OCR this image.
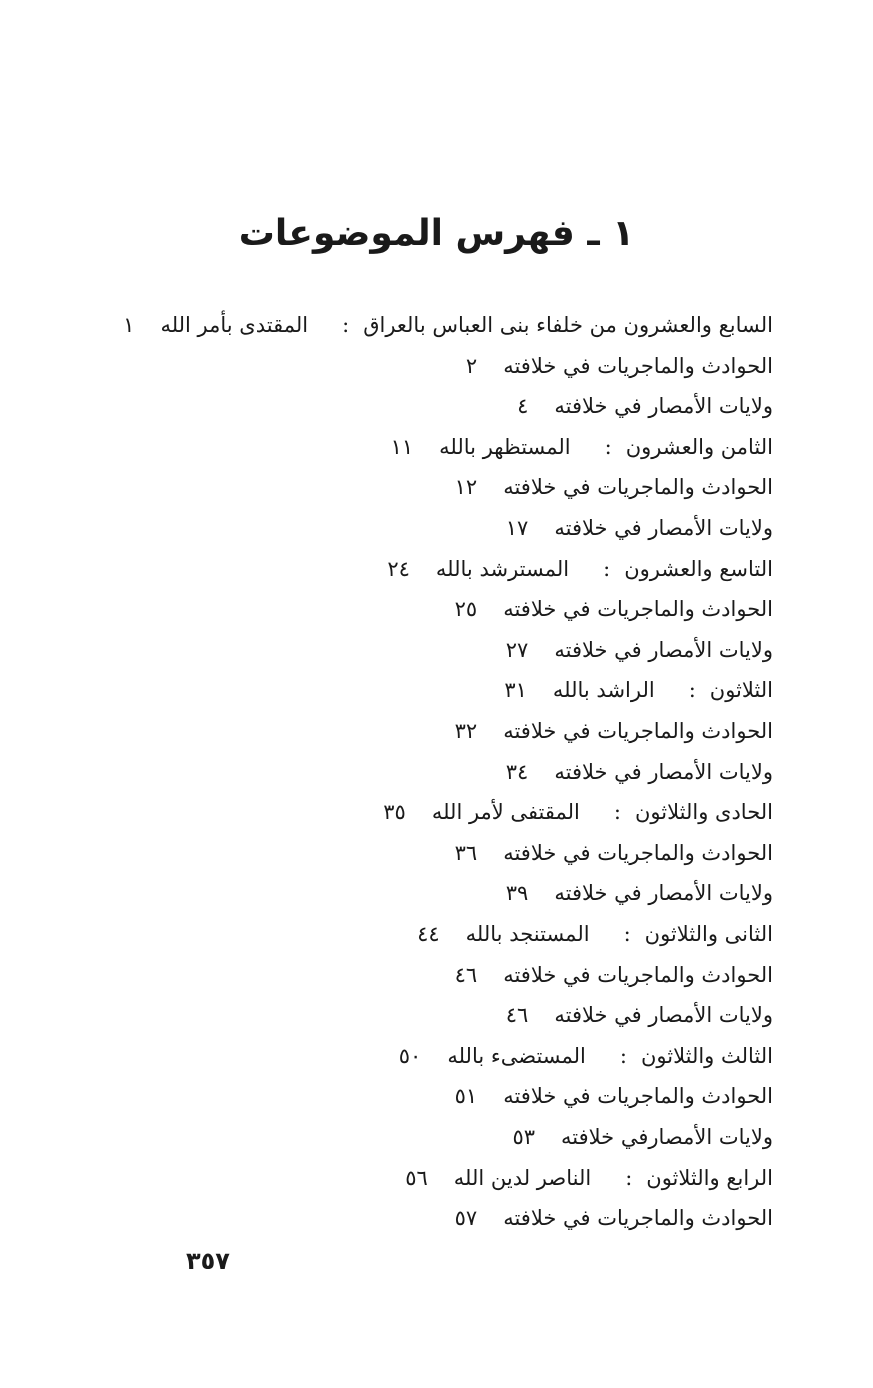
١ ـ فهرس الموضوعات
السابع والعشرون من خلفاء بنى العباس بالعراق
:
المقتدى بأمر الله
١
الحوادث والماجريات في خلافته
٢
ولايات الأمصار في خلافته
٤
الثامن والعشرون
:
المستظهر بالله
١١
الحوادث والماجريات في خلافته
١٢
ولايات الأمصار في خلافته
١٧
التاسع والعشرون
:
المسترشد بالله
٢٤
الحوادث والماجريات في خلافته
٢٥
ولايات الأمصار في خلافته
٢٧
الثلاثون
:
الراشد بالله
٣١
الحوادث والماجريات في خلافته
٣٢
ولايات الأمصار في خلافته
٣٤
الحادى والثلاثون
:
المقتفى لأمر الله
٣٥
الحوادث والماجريات في خلافته
٣٦
ولايات الأمصار في خلافته
٣٩
الثانى والثلاثون
:
المستنجد بالله
٤٤
الحوادث والماجريات في خلافته
٤٦
ولايات الأمصار في خلافته
٤٦
الثالث والثلاثون
:
المستضىء بالله
٥٠
الحوادث والماجريات في خلافته
٥١
ولايات الأمصارفي خلافته
٥٣
الرابع والثلاثون
:
الناصر لدين الله
٥٦
الحوادث والماجريات في خلافته
٥٧
٣٥٧
